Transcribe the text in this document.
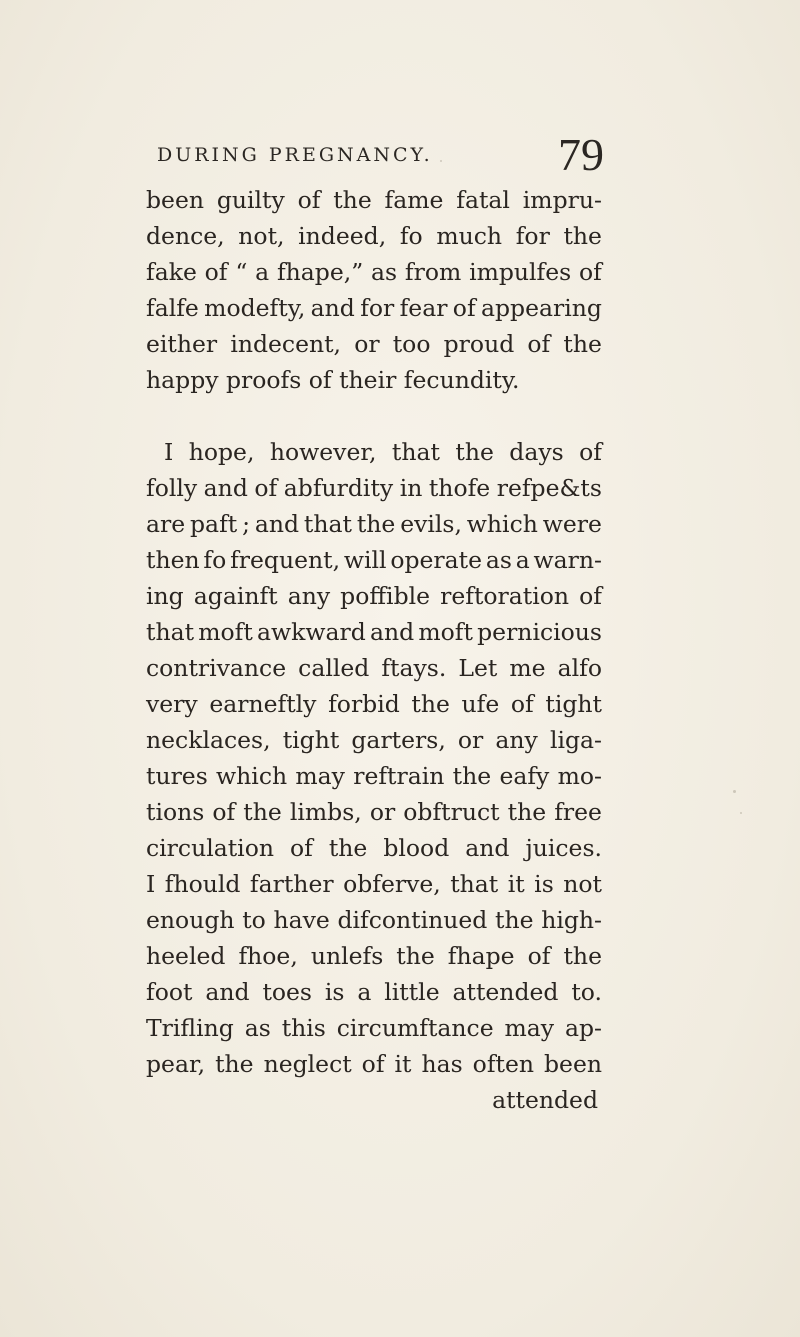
DURING PREGNANCY.	79
been guilty of the fame fatal impru-
dence, not, indeed, fo much for the
fake of “ a fhape,” as from impulfes of
falfe modefty, and for fear of appearing
either indecent, or too proud of the
happy proofs of their fecundity.
I hope, however, that the days of
folly and of abfurdity in thofe refpe&ts
are paft ; and that the evils, which were
then fo frequent, will operate as a warn-
ing againft any poffible reftoration of
that moft awkward and moft pernicious
contrivance called ftays. Let me alfo
very earneftly forbid the ufe of tight
necklaces, tight garters, or any liga-
tures which may reftrain the eafy mo-
tions of the limbs, or obftruct the free
circulation of the blood and juices.
I fhould farther obferve, that it is not
enough to have difcontinued the high-
heeled fhoe, unlefs the fhape of the
foot and toes is a little attended to.
Trifling as this circumftance may ap-
pear, the neglect of it has often been
attended
